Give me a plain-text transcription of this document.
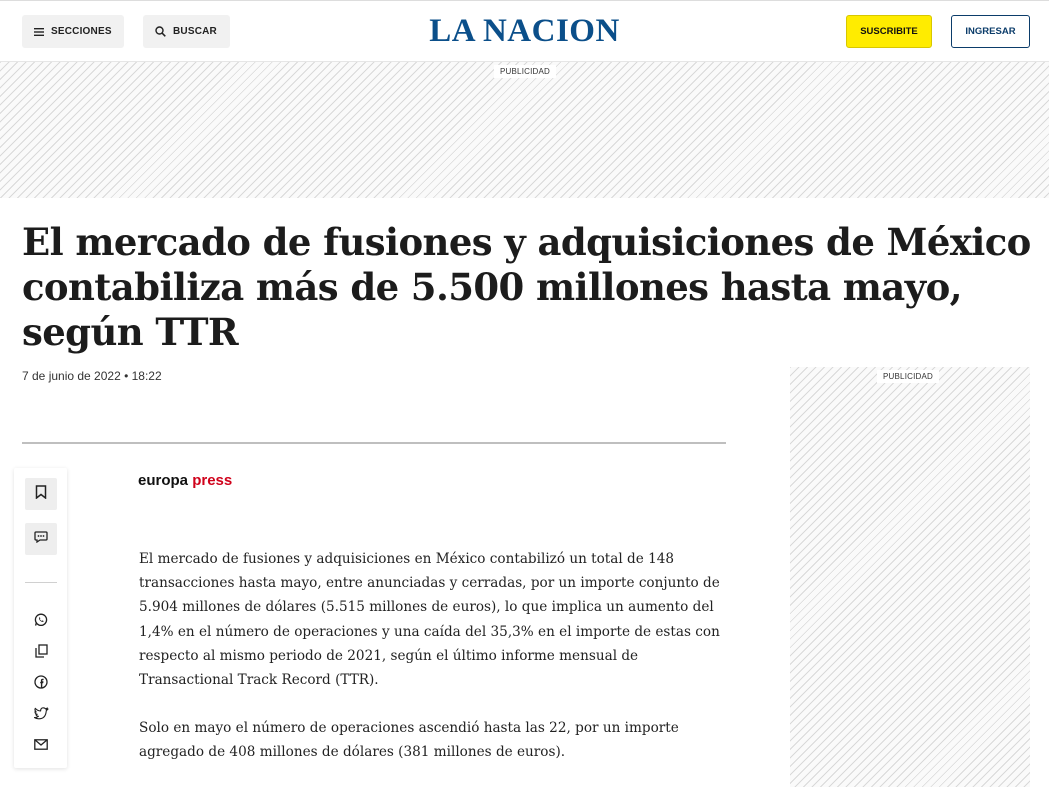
SECCIONES	BUSCAR	LA NACION	SUSCRIBITE	INGRESAR
PUBLICIDAD
El mercado de fusiones y adquisiciones de México contabiliza más de 5.500 millones hasta mayo, según TTR
7 de junio de 2022 • 18:22	PUBLICIDAD
europa press

El mercado de fusiones y adquisiciones en México contabilizó un total de 148 transacciones hasta mayo, entre anunciadas y cerradas, por un importe conjunto de 5.904 millones de dólares (5.515 millones de euros), lo que implica un aumento del 1,4% en el número de operaciones y una caída del 35,3% en el importe de estas con respecto al mismo periodo de 2021, según el último informe mensual de Transactional Track Record (TTR).

Solo en mayo el número de operaciones ascendió hasta las 22, por un importe agregado de 408 millones de dólares (381 millones de euros).
